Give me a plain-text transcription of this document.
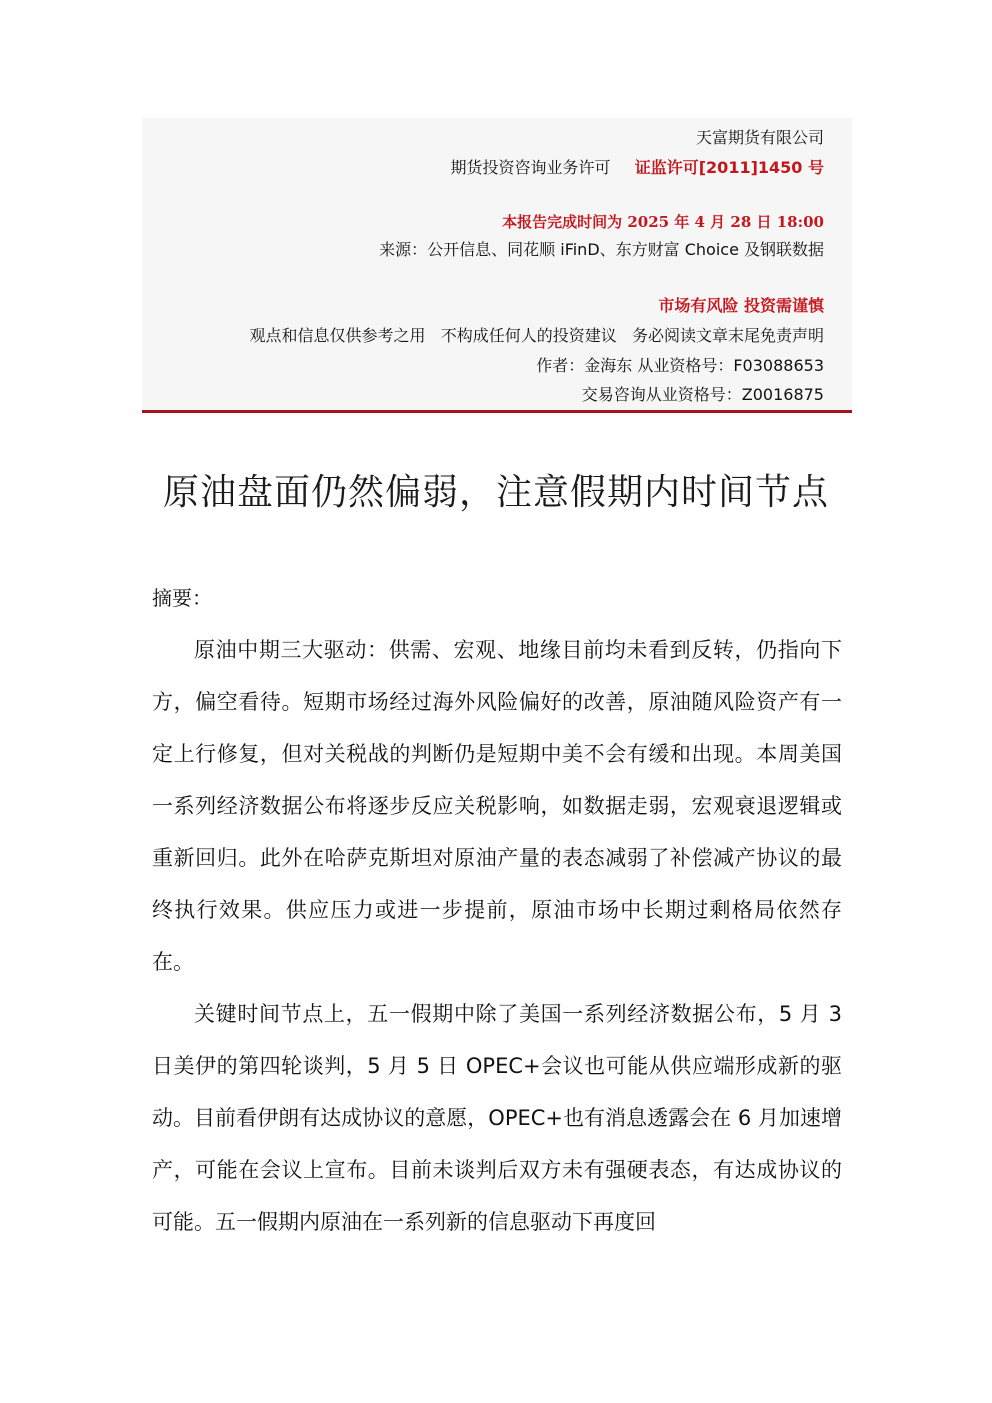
天富期货有限公司
期货投资咨询业务许可 证监许可[2011]1450 号
本报告完成时间为 2025 年 4 月 28 日 18:00
来源：公开信息、同花顺 iFinD、东方财富 Choice 及钢联数据
市场有风险 投资需谨慎
观点和信息仅供参考之用   不构成任何人的投资建议   务必阅读文章末尾免责声明
作者：金海东 从业资格号：F03088653
交易咨询从业资格号：Z0016875
原油盘面仍然偏弱，注意假期内时间节点
摘要：

原油中期三大驱动：供需、宏观、地缘目前均未看到反转，仍指向下方，偏空看待。短期市场经过海外风险偏好的改善，原油随风险资产有一定上行修复，但对关税战的判断仍是短期中美不会有缓和出现。本周美国一系列经济数据公布将逐步反应关税影响，如数据走弱，宏观衰退逻辑或重新回归。此外在哈萨克斯坦对原油产量的表态减弱了补偿减产协议的最终执行效果。供应压力或进一步提前，原油市场中长期过剩格局依然存在。

关键时间节点上，五一假期中除了美国一系列经济数据公布，5 月 3 日美伊的第四轮谈判，5 月 5 日 OPEC+会议也可能从供应端形成新的驱动。目前看伊朗有达成协议的意愿，OPEC+也有消息透露会在 6 月加速增产，可能在会议上宣布。目前未谈判后双方未有强硬表态，有达成协议的可能。五一假期内原油在一系列新的信息驱动下再度回
